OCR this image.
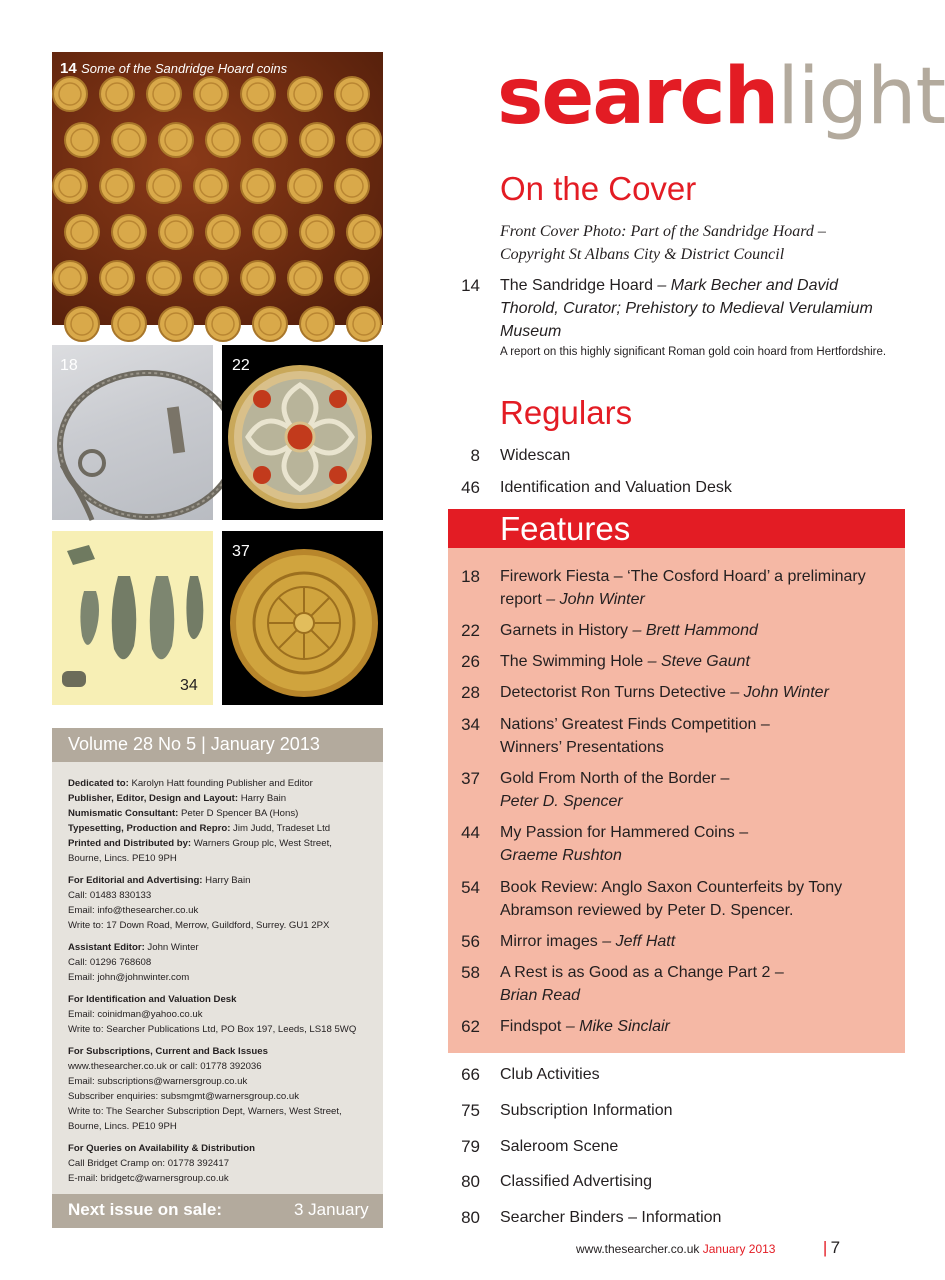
14 Some of the Sandridge Hoard coins
18	22
34
37
Volume 28 No 5 | January 2013
Dedicated to: Karolyn Hatt founding Publisher and Editor
Publisher, Editor, Design and Layout: Harry Bain
Numismatic Consultant: Peter D Spencer BA (Hons)
Typesetting, Production and Repro: Jim Judd, Tradeset Ltd
Printed and Distributed by: Warners Group plc, West Street,
Bourne, Lincs. PE10 9PH
For Editorial and Advertising: Harry Bain
Call: 01483 830133
Email: info@thesearcher.co.uk
Write to: 17 Down Road, Merrow, Guildford, Surrey. GU1 2PX
Assistant Editor: John Winter
Call: 01296 768608
Email: john@johnwinter.com
For Identification and Valuation Desk
Email: coinidman@yahoo.co.uk
Write to: Searcher Publications Ltd, PO Box 197, Leeds, LS18 5WQ
For Subscriptions, Current and Back Issues
www.thesearcher.co.uk or call: 01778 392036
Email: subscriptions@warnersgroup.co.uk
Subscriber enquiries: subsmgmt@warnersgroup.co.uk
Write to: The Searcher Subscription Dept, Warners, West Street,
Bourne, Lincs. PE10 9PH
For Queries on Availability & Distribution
Call Bridget Cramp on: 01778 392417
E-mail: bridgetc@warnersgroup.co.uk
Next issue on sale:	3 January
searchlight
On the Cover
Front Cover Photo: Part of the Sandridge Hoard – Copyright St Albans City & District Council
14 The Sandridge Hoard – Mark Becher and David Thorold, Curator; Prehistory to Medieval Verulamium Museum
A report on this highly significant Roman gold coin hoard from Hertfordshire.
Regulars
8 Widescan
46 Identification and Valuation Desk
Features
18 Firework Fiesta – ‘The Cosford Hoard’ a preliminary report – John Winter
22 Garnets in History – Brett Hammond
26 The Swimming Hole – Steve Gaunt
28 Detectorist Ron Turns Detective – John Winter
34 Nations’ Greatest Finds Competition – Winners’ Presentations
37 Gold From North of the Border –
Peter D. Spencer
44 My Passion for Hammered Coins –
Graeme Rushton
54 Book Review: Anglo Saxon Counterfeits by Tony Abramson reviewed by Peter D. Spencer.
56 Mirror images – Jeff Hatt
58 A Rest is as Good as a Change Part 2 –
Brian Read
62 Findspot – Mike Sinclair
66 Club Activities
75 Subscription Information
79 Saleroom Scene
80 Classified Advertising
80 Searcher Binders – Information
www.thesearcher.co.uk January 2013	| 7
